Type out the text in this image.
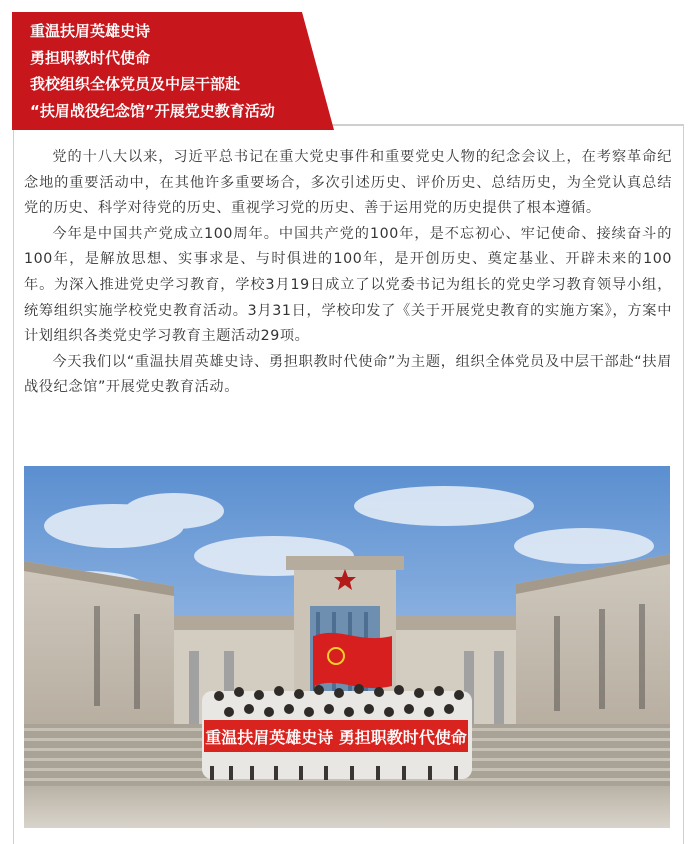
重温扶眉英雄史诗
勇担职教时代使命
我校组织全体党员及中层干部赴
“扶眉战役纪念馆”开展党史教育活动

党的十八大以来，习近平总书记在重大党史事件和重要党史人物的纪念会议上，在考察革命纪念地的重要活动中，在其他许多重要场合，多次引述历史、评价历史、总结历史，为全党认真总结党的历史、科学对待党的历史、重视学习党的历史、善于运用党的历史提供了根本遵循。

今年是中国共产党成立100周年。中国共产党的100年，是不忘初心、牢记使命、接续奋斗的100年，是解放思想、实事求是、与时俱进的100年，是开创历史、奠定基业、开辟未来的100年。为深入推进党史学习教育，学校3月19日成立了以党委书记为组长的党史学习教育领导小组，统筹组织实施学校党史教育活动。3月31日，学校印发了《关于开展党史教育的实施方案》，方案中计划组织各类党史学习教育主题活动29项。

今天我们以“重温扶眉英雄史诗、勇担职教时代使命”为主题，组织全体党员及中层干部赴“扶眉战役纪念馆”开展党史教育活动。

重温扶眉英雄史诗 勇担职教时代使命
